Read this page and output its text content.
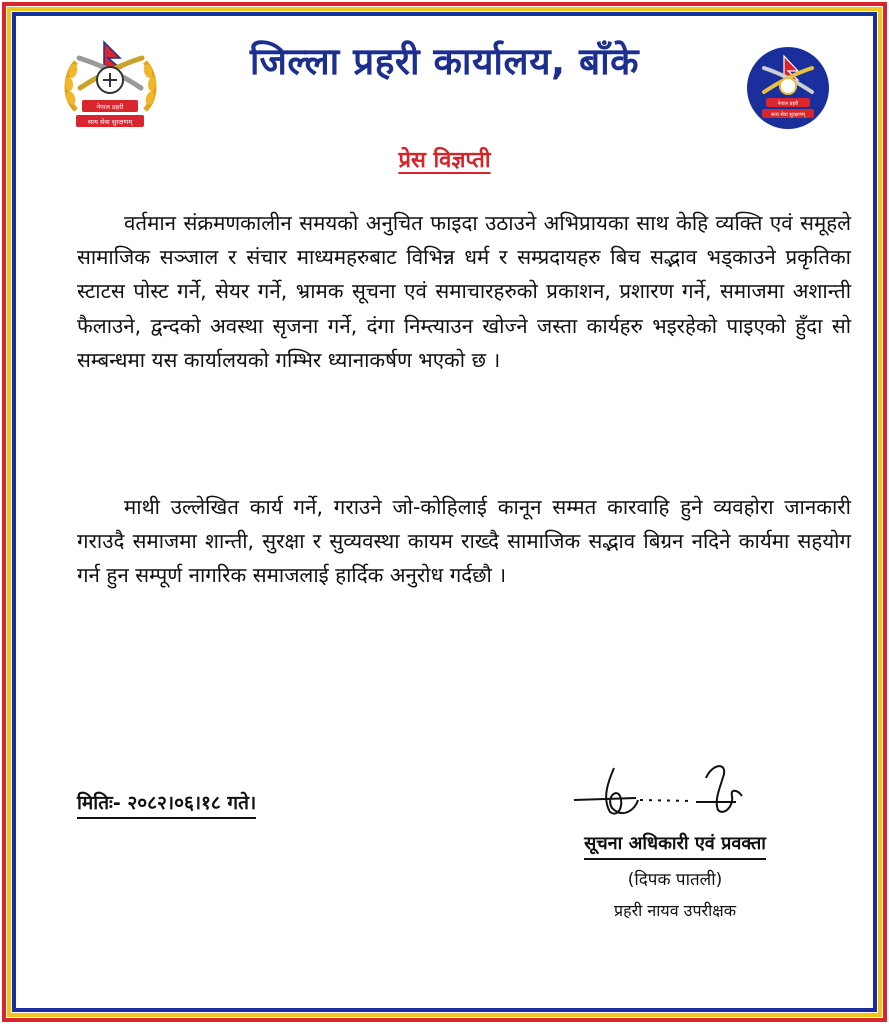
नेपाल प्रहरी
सत्य सेवा सुरक्षणम्
नेपाल प्रहरी
सत्य सेवा सुरक्षणम्
जिल्ला प्रहरी कार्यालय, बाँके
प्रेस विज्ञप्ती

वर्तमान संक्रमणकालीन समयको अनुचित फाइदा उठाउने अभिप्रायका साथ केहि व्यक्ति एवं समूहले सामाजिक सञ्जाल र संचार माध्यमहरुबाट विभिन्न धर्म र सम्प्रदायहरु बिच सद्भाव भड्काउने प्रकृतिका स्टाटस पोस्ट गर्ने, सेयर गर्ने, भ्रामक सूचना एवं समाचारहरुको प्रकाशन, प्रशारण गर्ने, समाजमा अशान्ती फैलाउने, द्वन्दको अवस्था सृजना गर्ने, दंगा निम्त्याउन खोज्ने जस्ता कार्यहरु भइरहेको पाइएको हुँदा सो सम्बन्धमा यस कार्यालयको गम्भिर ध्यानाकर्षण भएको छ ।

माथी उल्लेखित कार्य गर्ने, गराउने जो-कोहिलाई कानून सम्मत कारवाहि हुने व्यवहोरा जानकारी गराउदै समाजमा शान्ती, सुरक्षा र सुव्यवस्था कायम राख्दै सामाजिक सद्भाव बिग्रन नदिने कार्यमा सहयोग गर्न हुन सम्पूर्ण नागरिक समाजलाई हार्दिक अनुरोध गर्दछौ ।

मितिः- २०८२।०६।१८ गते।
सूचना अधिकारी एवं प्रवक्ता
(दिपक पातली)
प्रहरी नायव उपरीक्षक
